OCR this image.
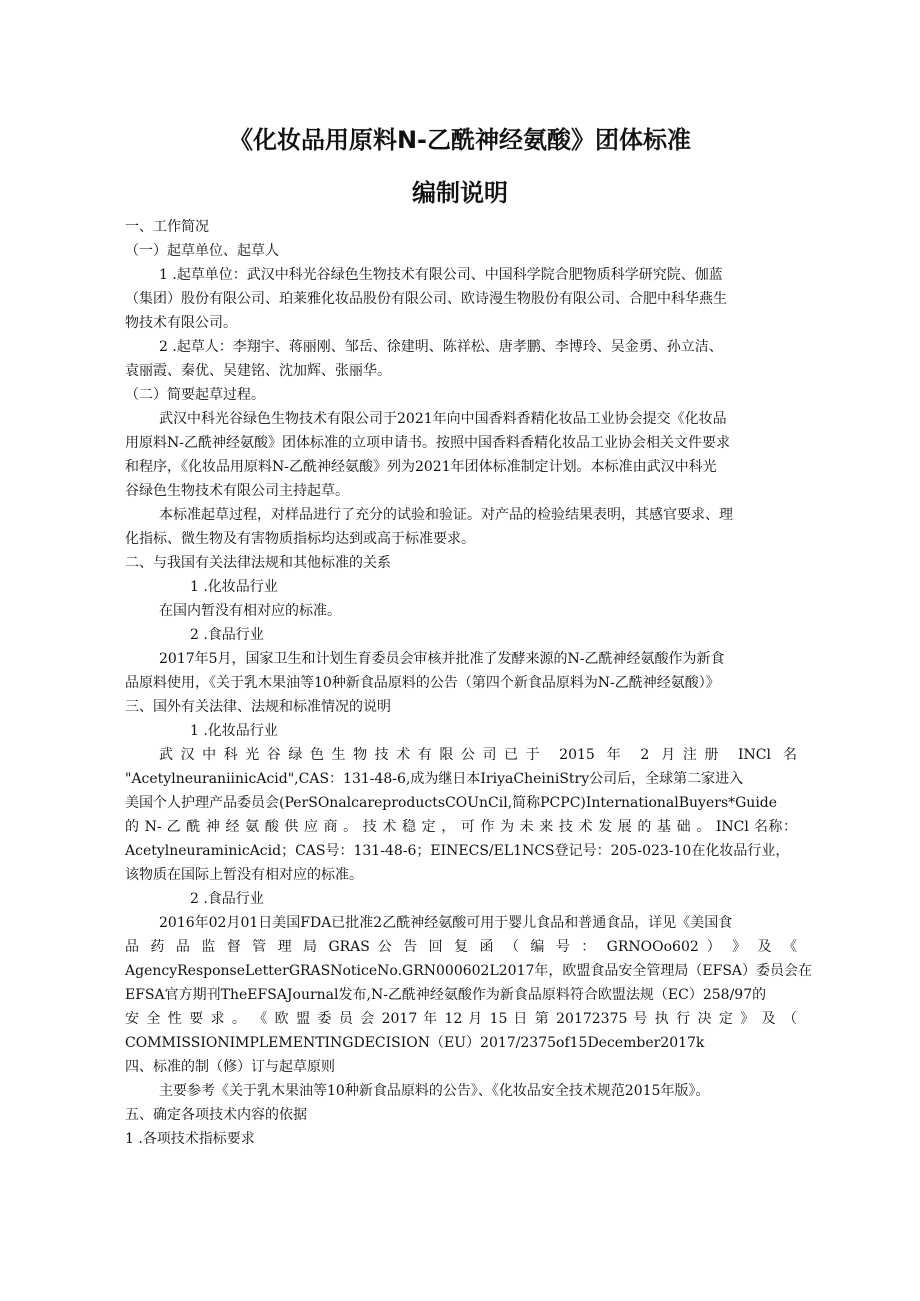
《化妆品用原料N-乙酰神经氨酸》团体标准
编制说明
一、工作简况
（一）起草单位、起草人
1 .起草单位：武汉中科光谷绿色生物技术有限公司、中国科学院合肥物质科学研究院、伽蓝
（集团）股份有限公司、珀莱雅化妆品股份有限公司、欧诗漫生物股份有限公司、合肥中科华燕生
物技术有限公司。
2 .起草人：李翔宇、蒋丽刚、邹岳、徐建明、陈祥松、唐孝鹏、李博玲、吴金勇、孙立洁、
袁丽霞、秦优、吴建铭、沈加辉、张丽华。
（二）简要起草过程。
武汉中科光谷绿色生物技术有限公司于2021年向中国香料香精化妆品工业协会提交《化妆品
用原料N-乙酰神经氨酸》团体标准的立项申请书。按照中国香料香精化妆品工业协会相关文件要求
和程序，《化妆品用原料N-乙酰神经氨酸》列为2021年团体标准制定计划。本标准由武汉中科光
谷绿色生物技术有限公司主持起草。
本标准起草过程，对样品进行了充分的试验和验证。对产品的检验结果表明，其感官要求、理
化指标、微生物及有害物质指标均达到或高于标准要求。
二、与我国有关法律法规和其他标准的关系
1 .化妆品行业
在国内暂没有相对应的标准。
2 .食品行业
2017年5月，国家卫生和计划生育委员会审核并批准了发酵来源的N-乙酰神经氨酸作为新食
品原料使用，《关于乳木果油等10种新食品原料的公告（第四个新食品原料为N-乙酰神经氨酸）》
三、国外有关法律、法规和标准情况的说明
1 .化妆品行业
武汉中科光谷绿色生物技术有限公司已于 2015 年 2 月注册 INCl 名
"AcetylneuraniinicAcid",CAS：131-48-6,成为继日本IriyaCheiniStry公司后，全球第二家进入
美国个人护理产品委员会(PerSOnalcareproductsCOUnCil,简称PCPC)InternationalBuyers*Guide
的 N- 乙 酰 神 经 氨 酸 供 应 商 。 技 术 稳 定 ， 可 作 为 未 来 技 术 发 展 的 基 础 。 INCl 名称：
AcetylneuraminicAcid；CAS号：131-48-6；EINECS/EL1NCS登记号：205-023-10在化妆品行业，
该物质在国际上暂没有相对应的标准。
2 .食品行业
2016年02月01日美国FDA已批准2乙酰神经氨酸可用于婴儿食品和普通食品，详见《美国食
品 药 品 监 督 管 理 局 GRAS 公 告 回 复 函 （ 编 号 ： GRNOOo602 ） 》 及 《
AgencyResponseLetterGRASNoticeNo.GRN000602L2017年，欧盟食品安全管理局（EFSA）委员会在
EFSA官方期刊TheEFSAJournal发布,N-乙酰神经氨酸作为新食品原料符合欧盟法规（EC）258/97的
安 全 性 要 求 。 《 欧 盟 委 员 会 2017 年 12 月 15 日 第 20172375 号 执 行 决 定 》 及 （
COMMISSIONIMPLEMENTINGDECISION（EU）2017/2375of15December2017k
四、标准的制（修）订与起草原则
主要参考《关于乳木果油等10种新食品原料的公告》、《化妆品安全技术规范2015年版》。
五、确定各项技术内容的依据
1 .各项技术指标要求
